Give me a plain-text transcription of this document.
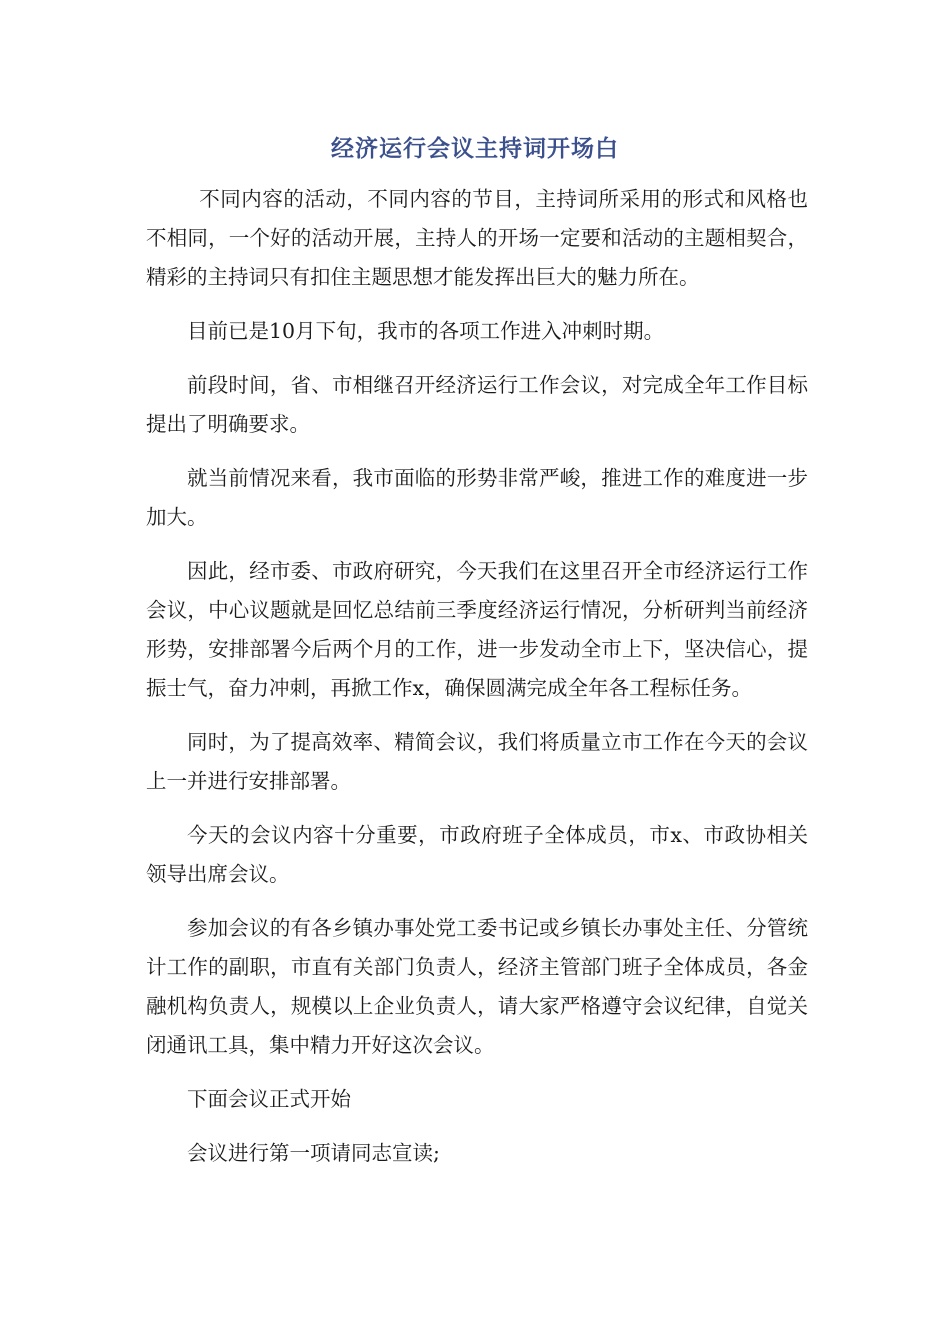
经济运行会议主持词开场白

不同内容的活动，不同内容的节目，主持词所采用的形式和风格也不相同，一个好的活动开展，主持人的开场一定要和活动的主题相契合，精彩的主持词只有扣住主题思想才能发挥出巨大的魅力所在。

目前已是10月下旬，我市的各项工作进入冲刺时期。

前段时间，省、市相继召开经济运行工作会议，对完成全年工作目标提出了明确要求。

就当前情况来看，我市面临的形势非常严峻，推进工作的难度进一步加大。

因此，经市委、市政府研究，今天我们在这里召开全市经济运行工作会议，中心议题就是回忆总结前三季度经济运行情况，分析研判当前经济形势，安排部署今后两个月的工作，进一步发动全市上下，坚决信心，提振士气，奋力冲刺，再掀工作x，确保圆满完成全年各工程标任务。

同时，为了提高效率、精简会议，我们将质量立市工作在今天的会议上一并进行安排部署。

今天的会议内容十分重要，市政府班子全体成员，市x、市政协相关领导出席会议。

参加会议的有各乡镇办事处党工委书记或乡镇长办事处主任、分管统计工作的副职，市直有关部门负责人，经济主管部门班子全体成员，各金融机构负责人，规模以上企业负责人，请大家严格遵守会议纪律，自觉关闭通讯工具，集中精力开好这次会议。

下面会议正式开始

会议进行第一项请同志宣读;
